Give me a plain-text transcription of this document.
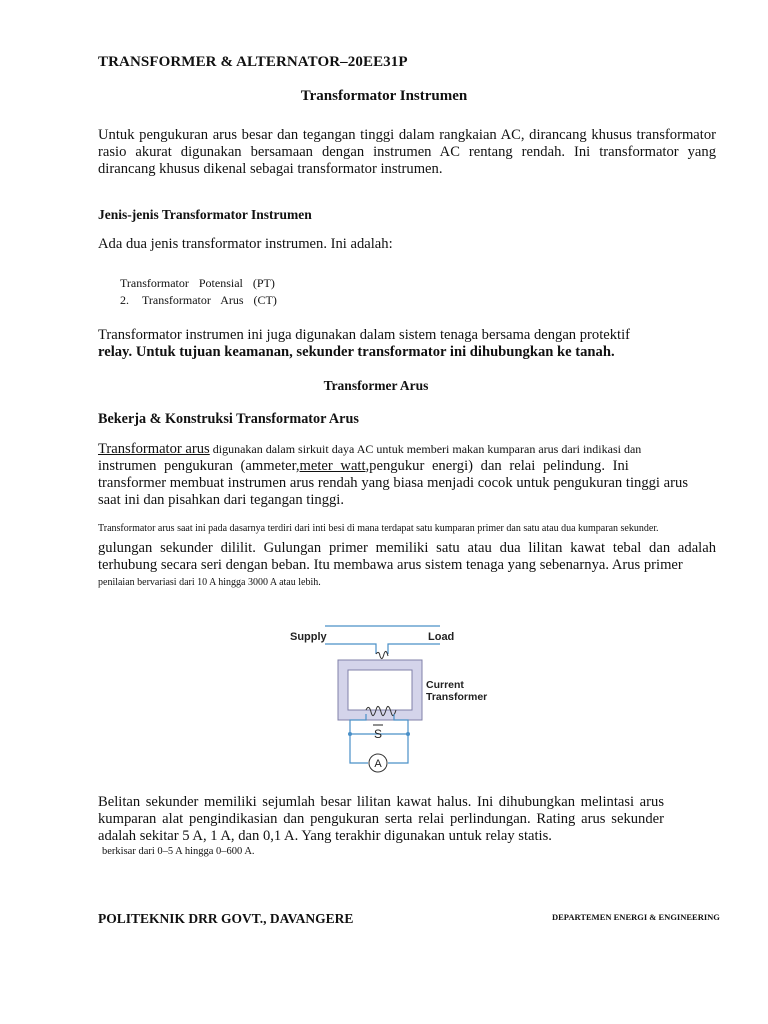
TRANSFORMER & ALTERNATOR–20EE31P
Transformator Instrumen
Untuk pengukuran arus besar dan tegangan tinggi dalam rangkaian AC, dirancang khusus transformator rasio akurat digunakan bersamaan dengan instrumen AC rentang rendah. Ini transformator yang dirancang khusus dikenal sebagai transformator instrumen.
Jenis-jenis Transformator Instrumen
Ada dua jenis transformator instrumen. Ini adalah:
Transformator Potensial (PT)
2. Transformator Arus (CT)
Transformator instrumen ini juga digunakan dalam sistem tenaga bersama dengan protektif
relay. Untuk tujuan keamanan, sekunder transformator ini dihubungkan ke tanah.
Transformer Arus
Bekerja & Konstruksi Transformator Arus
Transformator arus digunakan dalam sirkuit daya AC untuk memberi makan kumparan arus dari indikasi dan
instrumen pengukuran (ammeter,meter watt,pengukur energi) dan relai pelindung. Ini
transformer membuat instrumen arus rendah yang biasa menjadi cocok untuk pengukuran tinggi arus saat ini dan pisahkan dari tegangan tinggi.
Transformator arus saat ini pada dasarnya terdiri dari inti besi di mana terdapat satu kumparan primer dan satu atau dua kumparan sekunder.
gulungan sekunder dililit. Gulungan primer memiliki satu atau dua lilitan kawat tebal dan adalah terhubung secara seri dengan beban. Itu membawa arus sistem tenaga yang sebenarnya. Arus primer
penilaian bervariasi dari 10 A hingga 3000 A atau lebih.
Supply	Load
Current
Transformer
S
A
Belitan sekunder memiliki sejumlah besar lilitan kawat halus. Ini dihubungkan melintasi arus kumparan alat pengindikasian dan pengukuran serta relai perlindungan. Rating arus sekunder adalah sekitar 5 A, 1 A, dan 0,1 A. Yang terakhir digunakan untuk relay statis.
berkisar dari 0–5 A hingga 0–600 A.
POLITEKNIK DRR GOVT., DAVANGERE	DEPARTEMEN ENERGI & ENGINEERING
